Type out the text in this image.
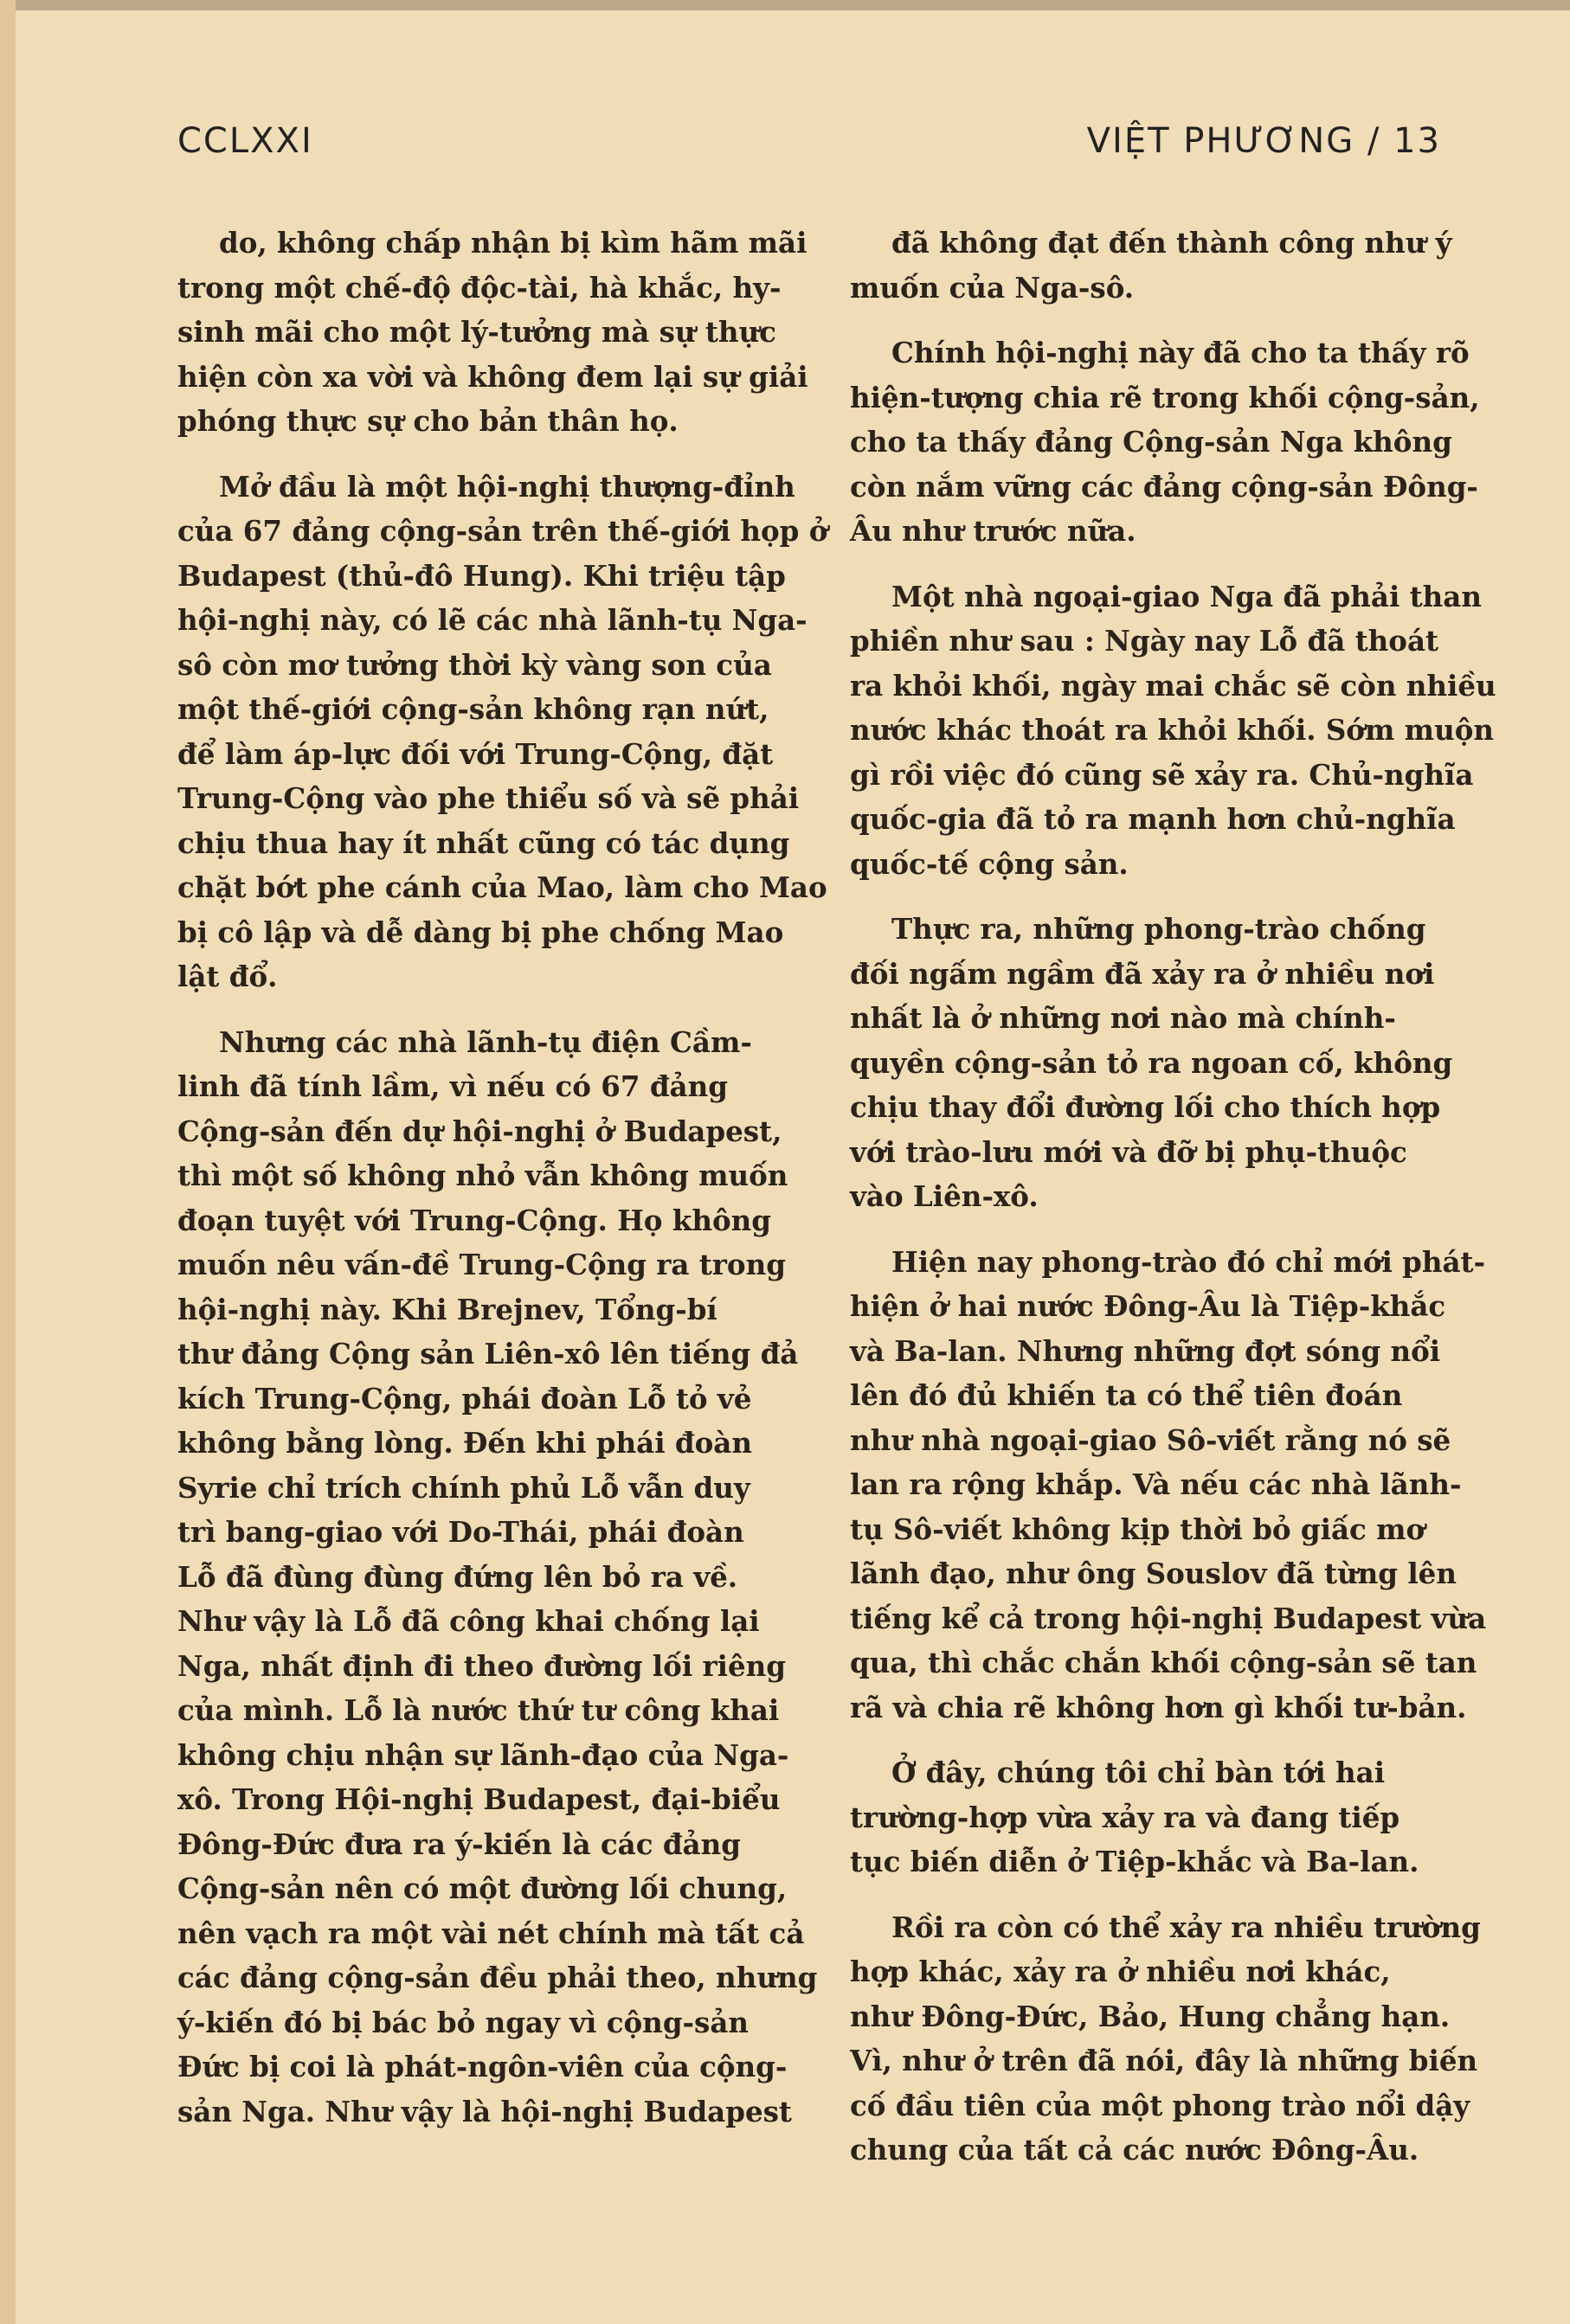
CCLXXI	VIỆT PHƯƠNG / 13

do, không chấp nhận bị kìm hãm mãi
trong một chế-độ độc-tài, hà khắc, hy-
sinh mãi cho một lý-tưởng mà sự thực
hiện còn xa vời và không đem lại sự giải
phóng thực sự cho bản thân họ.

Mở đầu là một hội-nghị thượng-đỉnh
của 67 đảng cộng-sản trên thế-giới họp ở
Budapest (thủ-đô Hung). Khi triệu tập
hội-nghị này, có lẽ các nhà lãnh-tụ Nga-
sô còn mơ tưởng thời kỳ vàng son của
một thế-giới cộng-sản không rạn nứt,
để làm áp-lực đối với Trung-Cộng, đặt
Trung-Cộng vào phe thiểu số và sẽ phải
chịu thua hay ít nhất cũng có tác dụng
chặt bớt phe cánh của Mao, làm cho Mao
bị cô lập và dễ dàng bị phe chống Mao
lật đổ.

Nhưng các nhà lãnh-tụ điện Cầm-
linh đã tính lầm, vì nếu có 67 đảng
Cộng-sản đến dự hội-nghị ở Budapest,
thì một số không nhỏ vẫn không muốn
đoạn tuyệt với Trung-Cộng. Họ không
muốn nêu vấn-đề Trung-Cộng ra trong
hội-nghị này. Khi Brejnev, Tổng-bí
thư đảng Cộng sản Liên-xô lên tiếng đả
kích Trung-Cộng, phái đoàn Lỗ tỏ vẻ
không bằng lòng. Đến khi phái đoàn
Syrie chỉ trích chính phủ Lỗ vẫn duy
trì bang-giao với Do-Thái, phái đoàn
Lỗ đã đùng đùng đứng lên bỏ ra về.
Như vậy là Lỗ đã công khai chống lại
Nga, nhất định đi theo đường lối riêng
của mình. Lỗ là nước thứ tư công khai
không chịu nhận sự lãnh-đạo của Nga-
xô. Trong Hội-nghị Budapest, đại-biểu
Đông-Đức đưa ra ý-kiến là các đảng
Cộng-sản nên có một đường lối chung,
nên vạch ra một vài nét chính mà tất cả
các đảng cộng-sản đều phải theo, nhưng
ý-kiến đó bị bác bỏ ngay vì cộng-sản
Đức bị coi là phát-ngôn-viên của cộng-
sản Nga. Như vậy là hội-nghị Budapest

đã không đạt đến thành công như ý
muốn của Nga-sô.

Chính hội-nghị này đã cho ta thấy rõ
hiện-tượng chia rẽ trong khối cộng-sản,
cho ta thấy đảng Cộng-sản Nga không
còn nắm vững các đảng cộng-sản Đông-
Âu như trước nữa.

Một nhà ngoại-giao Nga đã phải than
phiền như sau : Ngày nay Lỗ đã thoát
ra khỏi khối, ngày mai chắc sẽ còn nhiều
nước khác thoát ra khỏi khối. Sớm muộn
gì rồi việc đó cũng sẽ xảy ra. Chủ-nghĩa
quốc-gia đã tỏ ra mạnh hơn chủ-nghĩa
quốc-tế cộng sản.

Thực ra, những phong-trào chống
đối ngấm ngầm đã xảy ra ở nhiều nơi
nhất là ở những nơi nào mà chính-
quyền cộng-sản tỏ ra ngoan cố, không
chịu thay đổi đường lối cho thích hợp
với trào-lưu mới và đỡ bị phụ-thuộc
vào Liên-xô.

Hiện nay phong-trào đó chỉ mới phát-
hiện ở hai nước Đông-Âu là Tiệp-khắc
và Ba-lan. Nhưng những đợt sóng nổi
lên đó đủ khiến ta có thể tiên đoán
như nhà ngoại-giao Sô-viết rằng nó sẽ
lan ra rộng khắp. Và nếu các nhà lãnh-
tụ Sô-viết không kịp thời bỏ giấc mơ
lãnh đạo, như ông Souslov đã từng lên
tiếng kể cả trong hội-nghị Budapest vừa
qua, thì chắc chắn khối cộng-sản sẽ tan
rã và chia rẽ không hơn gì khối tư-bản.

Ở đây, chúng tôi chỉ bàn tới hai
trường-hợp vừa xảy ra và đang tiếp
tục biến diễn ở Tiệp-khắc và Ba-lan.

Rồi ra còn có thể xảy ra nhiều trường
hợp khác, xảy ra ở nhiều nơi khác,
như Đông-Đức, Bảo, Hung chẳng hạn.
Vì, như ở trên đã nói, đây là những biến
cố đầu tiên của một phong trào nổi dậy
chung của tất cả các nước Đông-Âu.
